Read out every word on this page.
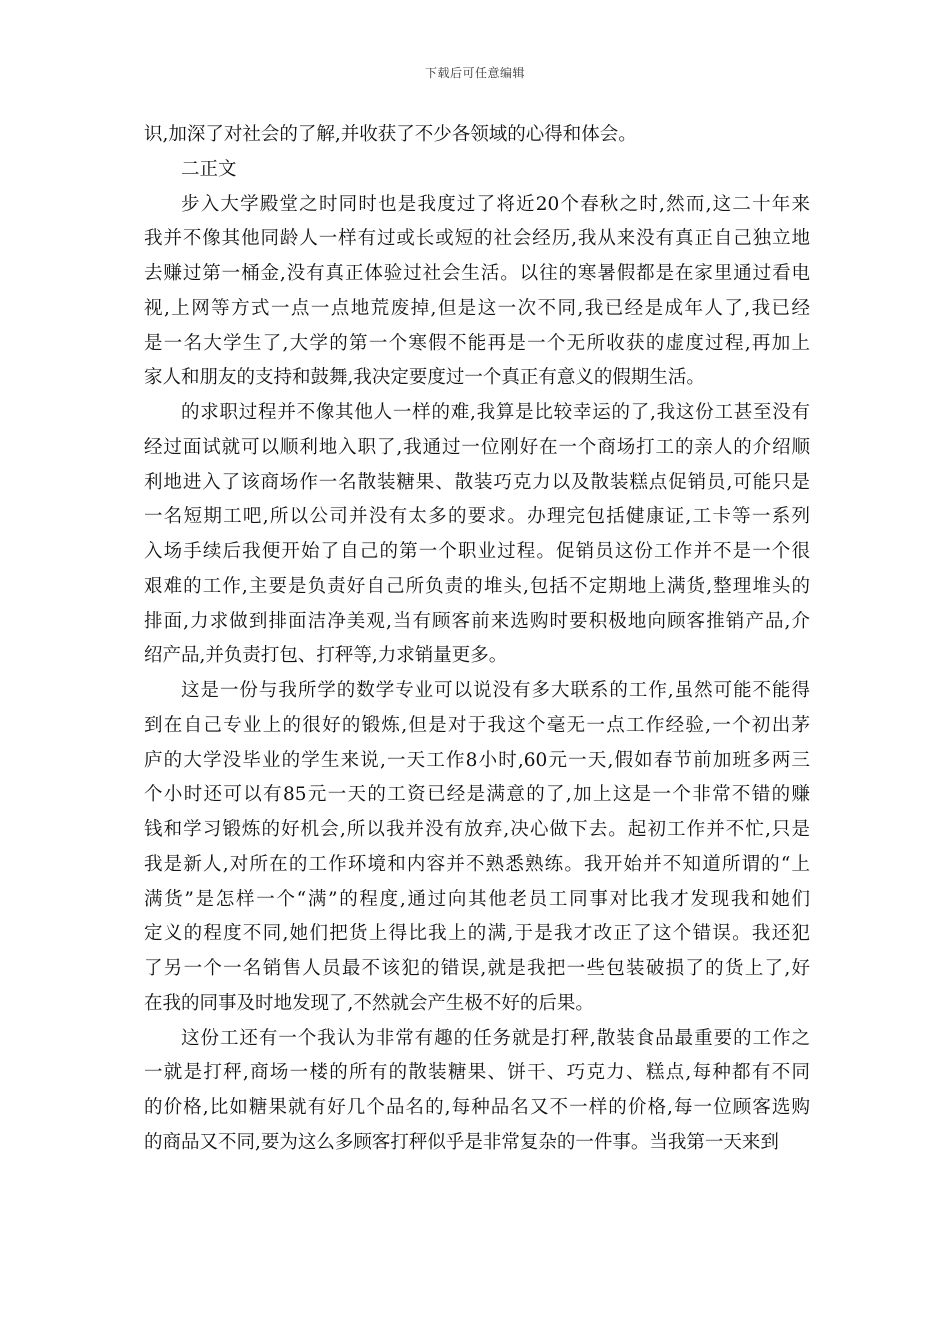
下载后可任意编辑
识,加深了对社会的了解,并收获了不少各领域的心得和体会。
二正文
步入大学殿堂之时同时也是我度过了将近20个春秋之时,然而,这二十年来
我并不像其他同龄人一样有过或长或短的社会经历,我从来没有真正自己独立地
去赚过第一桶金,没有真正体验过社会生活。以往的寒暑假都是在家里通过看电
视,上网等方式一点一点地荒废掉,但是这一次不同,我已经是成年人了,我已经
是一名大学生了,大学的第一个寒假不能再是一个无所收获的虚度过程,再加上
家人和朋友的支持和鼓舞,我决定要度过一个真正有意义的假期生活。
的求职过程并不像其他人一样的难,我算是比较幸运的了,我这份工甚至没有
经过面试就可以顺利地入职了,我通过一位刚好在一个商场打工的亲人的介绍顺
利地进入了该商场作一名散装糖果、散装巧克力以及散装糕点促销员,可能只是
一名短期工吧,所以公司并没有太多的要求。办理完包括健康证,工卡等一系列
入场手续后我便开始了自己的第一个职业过程。促销员这份工作并不是一个很
艰难的工作,主要是负责好自己所负责的堆头,包括不定期地上满货,整理堆头的
排面,力求做到排面洁净美观,当有顾客前来选购时要积极地向顾客推销产品,介
绍产品,并负责打包、打秤等,力求销量更多。
这是一份与我所学的数学专业可以说没有多大联系的工作,虽然可能不能得
到在自己专业上的很好的锻炼,但是对于我这个毫无一点工作经验,一个初出茅
庐的大学没毕业的学生来说,一天工作8小时,60元一天,假如春节前加班多两三
个小时还可以有85元一天的工资已经是满意的了,加上这是一个非常不错的赚
钱和学习锻炼的好机会,所以我并没有放弃,决心做下去。起初工作并不忙,只是
我是新人,对所在的工作环境和内容并不熟悉熟练。我开始并不知道所谓的“上
满货”是怎样一个“满”的程度,通过向其他老员工同事对比我才发现我和她们
定义的程度不同,她们把货上得比我上的满,于是我才改正了这个错误。我还犯
了另一个一名销售人员最不该犯的错误,就是我把一些包装破损了的货上了,好
在我的同事及时地发现了,不然就会产生极不好的后果。
这份工还有一个我认为非常有趣的任务就是打秤,散装食品最重要的工作之
一就是打秤,商场一楼的所有的散装糖果、饼干、巧克力、糕点,每种都有不同
的价格,比如糖果就有好几个品名的,每种品名又不一样的价格,每一位顾客选购
的商品又不同,要为这么多顾客打秤似乎是非常复杂的一件事。当我第一天来到
